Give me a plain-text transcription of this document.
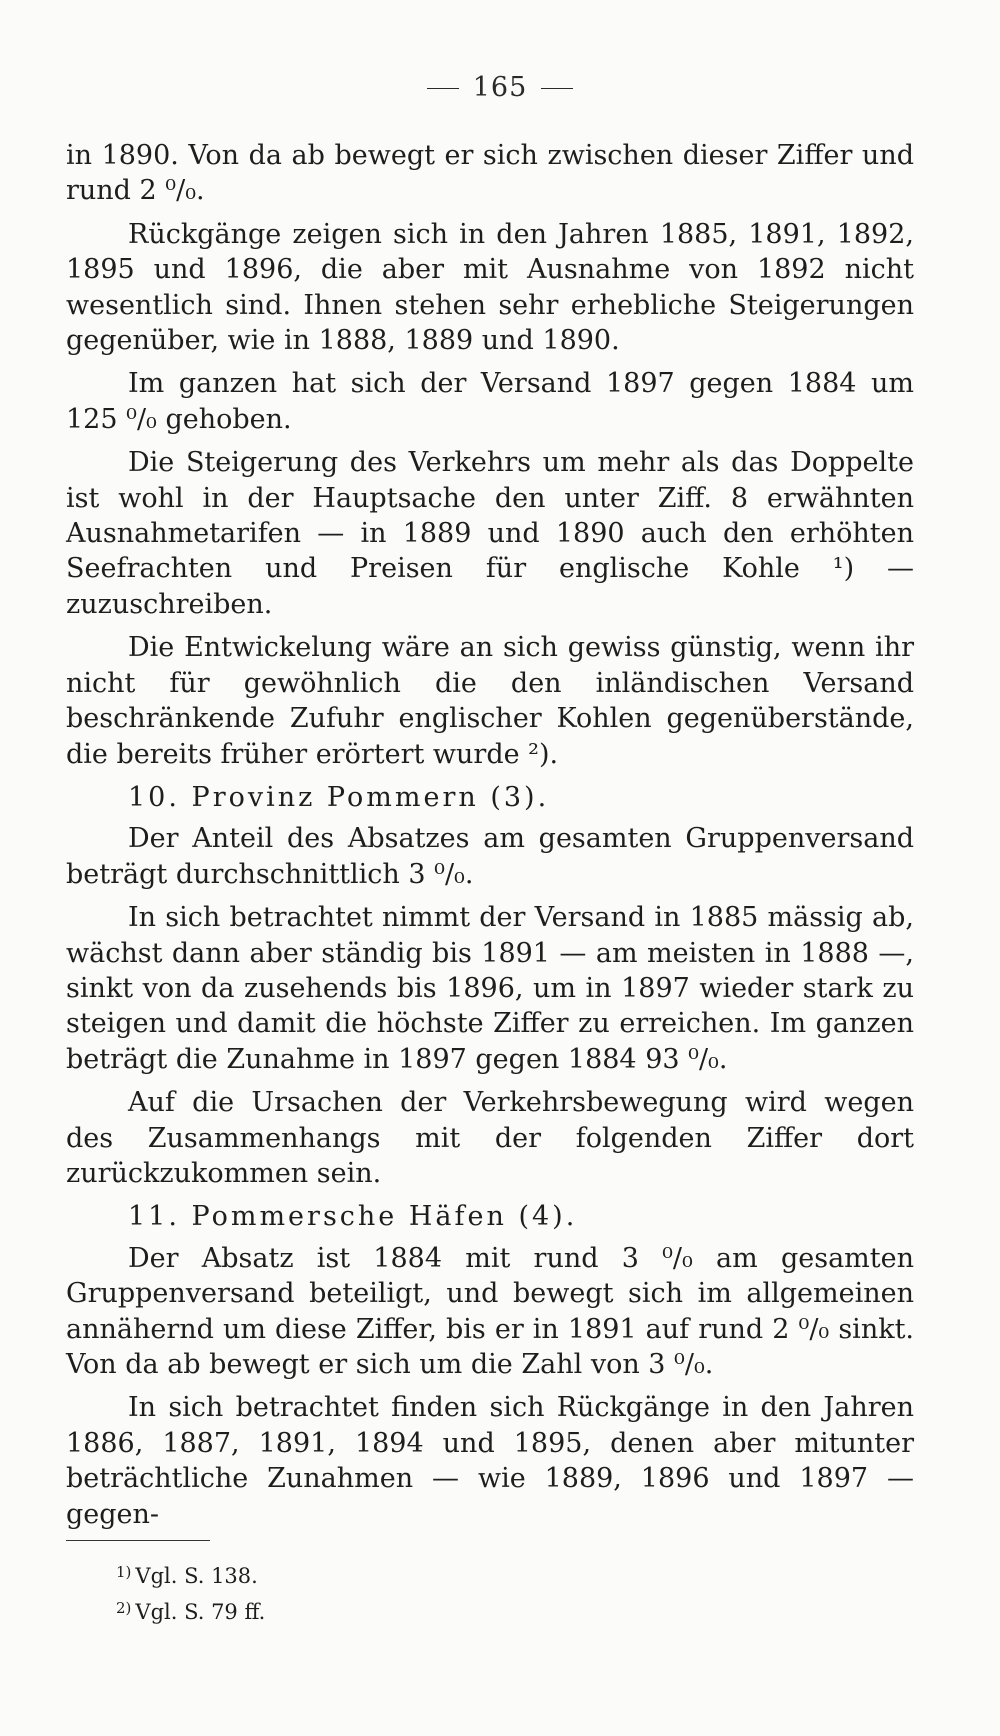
165

in 1890. Von da ab bewegt er sich zwischen dieser Ziffer und rund 2 ⁰/₀.

Rückgänge zeigen sich in den Jahren 1885, 1891, 1892, 1895 und 1896, die aber mit Ausnahme von 1892 nicht wesentlich sind. Ihnen stehen sehr erhebliche Steigerungen gegenüber, wie in 1888, 1889 und 1890.

Im ganzen hat sich der Versand 1897 gegen 1884 um 125 ⁰/₀ gehoben.

Die Steigerung des Verkehrs um mehr als das Doppelte ist wohl in der Hauptsache den unter Ziff. 8 erwähnten Ausnahmetarifen — in 1889 und 1890 auch den erhöhten Seefrachten und Preisen für englische Kohle ¹) — zuzuschreiben.

Die Entwickelung wäre an sich gewiss günstig, wenn ihr nicht für gewöhnlich die den inländischen Versand beschränkende Zufuhr englischer Kohlen gegenüberstände, die bereits früher erörtert wurde ²).

10. Provinz Pommern (3).

Der Anteil des Absatzes am gesamten Gruppenversand beträgt durchschnittlich 3 ⁰/₀.

In sich betrachtet nimmt der Versand in 1885 mässig ab, wächst dann aber ständig bis 1891 — am meisten in 1888 —, sinkt von da zusehends bis 1896, um in 1897 wieder stark zu steigen und damit die höchste Ziffer zu erreichen. Im ganzen beträgt die Zunahme in 1897 gegen 1884 93 ⁰/₀.

Auf die Ursachen der Verkehrsbewegung wird wegen des Zusammenhangs mit der folgenden Ziffer dort zurückzukommen sein.

11. Pommersche Häfen (4).

Der Absatz ist 1884 mit rund 3 ⁰/₀ am gesamten Gruppenversand beteiligt, und bewegt sich im allgemeinen annähernd um diese Ziffer, bis er in 1891 auf rund 2 ⁰/₀ sinkt. Von da ab bewegt er sich um die Zahl von 3 ⁰/₀.

In sich betrachtet finden sich Rückgänge in den Jahren 1886, 1887, 1891, 1894 und 1895, denen aber mitunter beträchtliche Zunahmen — wie 1889, 1896 und 1897 — gegen-

$^{1)}$ Vgl. S. 138.
$^{2)}$ Vgl. S. 79 ff.
